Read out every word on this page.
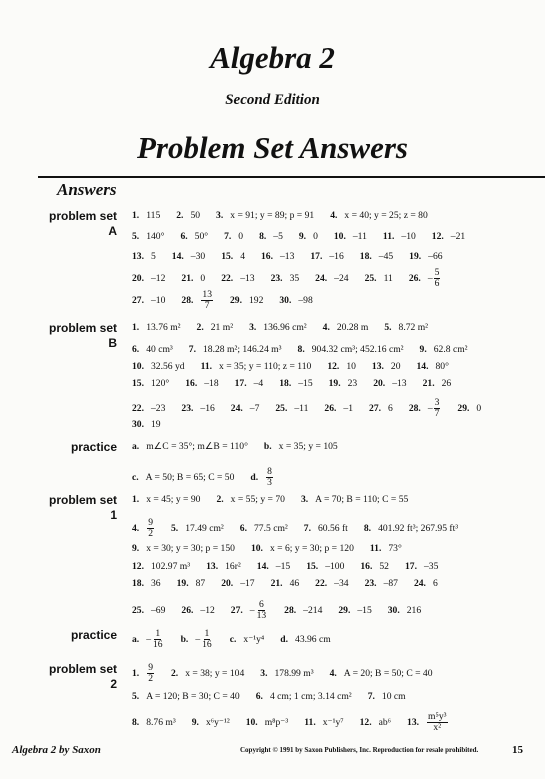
Algebra 2
Second Edition
Problem Set Answers
Answers
problem set
A
1. 115 2. 50 3. x = 91; y = 89; p = 91 4. x = 40; y = 25; z = 80
5. 140° 6. 50° 7. 0 8. –5 9. 0 10. –11 11. –10 12. –21
13. 5 14. –30 15. 4 16. –13 17. –16 18. –45 19. –66
20. –12 21. 0 22. –13 23. 35 24. –24 25. 11 26. – $\frac{5}{6}$
27. –10 28. $\frac{13}{7} 29$. 192 30. –98
problem set
B
1. 13.76 m² 2. 21 m² 3. 136.96 cm² 4. 20.28 m 5. 8.72 m²
6. 40 cm³ 7. 18.28 m²; 146.24 m³ 8. 904.32 cm³; 452.16 cm² 9. 62.8 cm²
10. 32.56 yd 11. x = 35; y = 110; z = 110 12. 10 13. 20 14. 80°
15. 120° 16. –18 17. –4 18. –15 19. 23 20. –13 21. 26
22. –23 23. –16 24. –7 25. –11 26. –1 27. 6 28. – $\frac{3}{7} 29$. 0
30. 19
practice a. m∠C = 35°; m∠B = 110° b. x = 35; y = 105
c. A = 50; B = 65; C = 50 d. $\frac{8}{3}$
problem set
1
1. x = 45; y = 90 2. x = 55; y = 70 3. A = 70; B = 110; C = 55
4. $\frac{9}{2} 5$. 17.49 cm² 6. 77.5 cm² 7. 60.56 ft 8. 401.92 ft³; 267.95 ft³
9. x = 30; y = 30; p = 150 10. x = 6; y = 30; p = 120 11. 73°
12. 102.97 m³ 13. 16r² 14. –15 15. –100 16. 52 17. –35
18. 36 19. 87 20. –17 21. 46 22. –34 23. –87 24. 6
25. –69 26. –12 27. – $\frac{6}{13} 28$. –214 29. –15 30. 216
practice a. – $\frac{1}{16} b$. – $\frac{1}{16} c$. x⁻¹y⁴ d. 43.96 cm
problem set
2
1. $\frac{9}{2} 2$. x = 38; y = 104 3. 178.99 m³ 4. A = 20; B = 50; C = 40
5. A = 120; B = 30; C = 40 6. 4 cm; 1 cm; 3.14 cm² 7. 10 cm
8. 8.76 m³ 9. x⁶y⁻¹² 10. m⁸p⁻³ 11. x⁻¹y⁷ 12. ab⁶ 13. $\frac{\text{m⁵y³}}{\text{x²}}$
Algebra 2 by Saxon	Copyright © 1991 by Saxon Publishers, Inc. Reproduction for resale prohibited.	15
